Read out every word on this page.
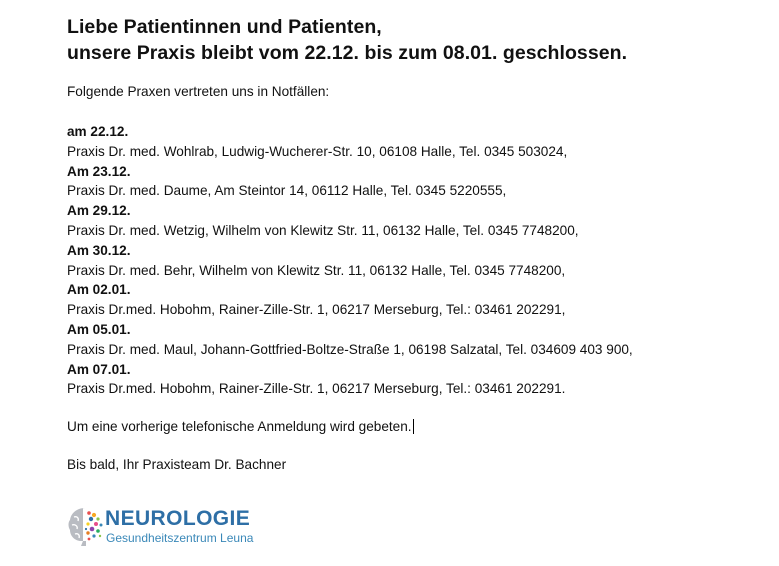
Liebe Patientinnen und Patienten,
unsere Praxis bleibt vom 22.12. bis zum 08.01. geschlossen.

Folgende Praxen vertreten uns in Notfällen:

am 22.12.
Praxis Dr. med. Wohlrab, Ludwig-Wucherer-Str. 10, 06108 Halle, Tel. 0345 503024,
Am 23.12.
Praxis Dr. med. Daume, Am Steintor 14, 06112 Halle, Tel. 0345 5220555,
Am 29.12.
Praxis Dr. med. Wetzig, Wilhelm von Klewitz Str. 11, 06132 Halle, Tel. 0345 7748200,
Am 30.12.
Praxis Dr. med. Behr, Wilhelm von Klewitz Str. 11, 06132 Halle, Tel. 0345 7748200,
Am 02.01.
Praxis Dr.med. Hobohm, Rainer-Zille-Str. 1, 06217 Merseburg, Tel.: 03461 202291,
Am 05.01.
Praxis Dr. med. Maul, Johann-Gottfried-Boltze-Straße 1, 06198 Salzatal, Tel. 034609 403 900,
Am 07.01.
Praxis Dr.med. Hobohm, Rainer-Zille-Str. 1, 06217 Merseburg, Tel.: 03461 202291.

Um eine vorherige telefonische Anmeldung wird gebeten.

Bis bald, Ihr Praxisteam Dr. Bachner

NEUROLOGIE
Gesundheitszentrum Leuna
